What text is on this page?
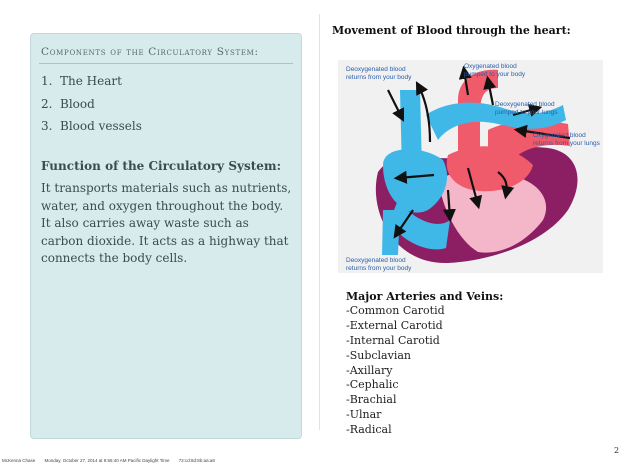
Components of the Circulatory System:
1. The Heart
2. Blood
3. Blood vessels
Function of the Circulatory System:
It transports materials such as nutrients, water, and oxygen throughout the body. It also carries away waste such as carbon dioxide. It acts as a highway that connects the body cells.
Movement of Blood through the heart:
Deoxygenated blood returns from your body
Oxygenated blood pumped to your body
Deoxygenated blood pumped to your lungs
Oxygenated blood returns from your lungs
Deoxygenated blood returns from your body
Major Arteries and Veins:
-Common Carotid
-External Carotid
-Internal Carotid
-Subclavian
-Axillary
-Cephalic
-Brachial
-Ulnar
-Radical
2
McKenna Chase Monday, October 27, 2014 at 9:56:40 AM Pacific Daylight Time 72:cd:8d:8b:aa:a8
